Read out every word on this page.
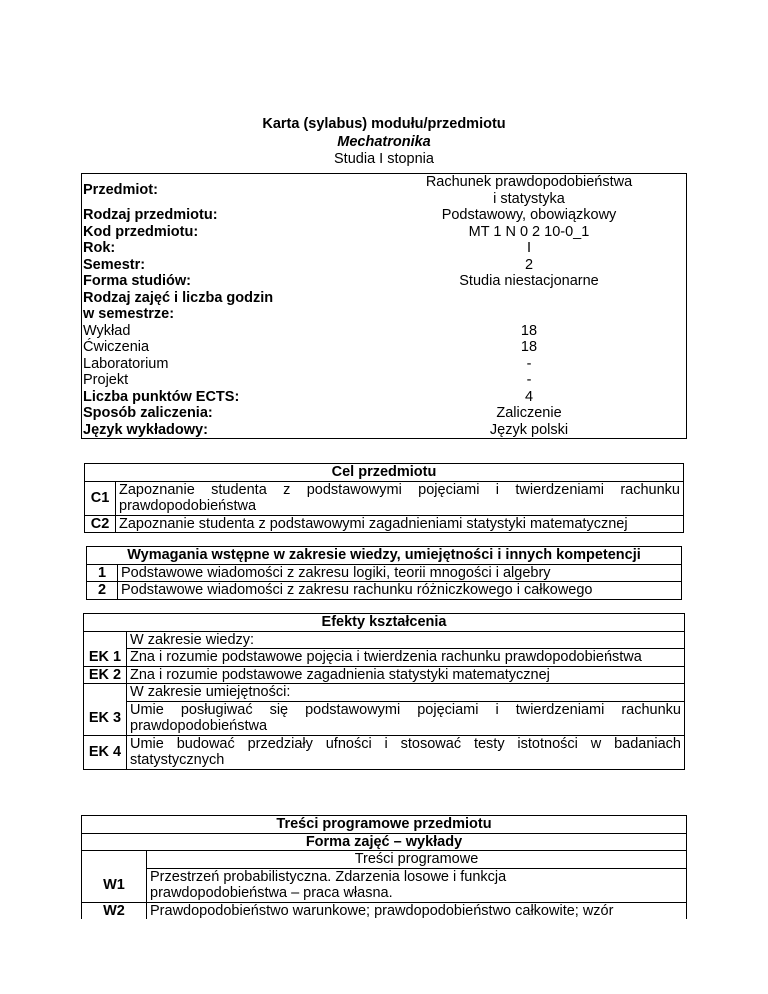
Karta (sylabus) modułu/przedmiotu
Mechatronika
Studia I stopnia
Przedmiot:	Rachunek prawdopodobieństwa
i statystyka

Rodzaj przedmiotu:	Podstawowy, obowiązkowy
Kod przedmiotu:	MT 1 N 0 2 10-0_1
Rok:	I
Semestr:	2
Forma studiów:	Studia niestacjonarne

Rodzaj zajęć i liczba godzin
w semestrze:	

Wykład	18
Ćwiczenia	18
Laboratorium	-
Projekt	-
Liczba punktów ECTS:	4
Sposób zaliczenia:	Zaliczenie
Język wykładowy:	Język polski
Cel przedmiotu	
C1	Zapoznanie studenta z podstawowymi pojęciami i twierdzeniami rachunku prawdopodobieństwa
C2	Zapoznanie studenta z podstawowymi zagadnieniami statystyki matematycznej
Wymagania wstępne w zakresie wiedzy, umiejętności i innych kompetencji	
1	Podstawowe wiadomości z zakresu logiki, teorii mnogości i algebry
2	Podstawowe wiadomości z zakresu rachunku różniczkowego i całkowego
Efekty kształcenia	
	W zakresie wiedzy:
EK 1	Zna i rozumie podstawowe pojęcia i twierdzenia rachunku prawdopodobieństwa
EK 2	Zna i rozumie podstawowe zagadnienia statystyki matematycznej
	W zakresie umiejętności:
EK 3	Umie posługiwać się podstawowymi pojęciami i twierdzeniami rachunku prawdopodobieństwa
EK 4	Umie budować przedziały ufności i stosować testy istotności w badaniach statystycznych
Treści programowe przedmiotu	
Forma zajęć – wykłady	
	Treści programowe
W1	Przestrzeń probabilistyczna. Zdarzenia losowe i funkcja
prawdopodobieństwa – praca własna.

W2	Prawdopodobieństwo warunkowe; prawdopodobieństwo całkowite; wzór
